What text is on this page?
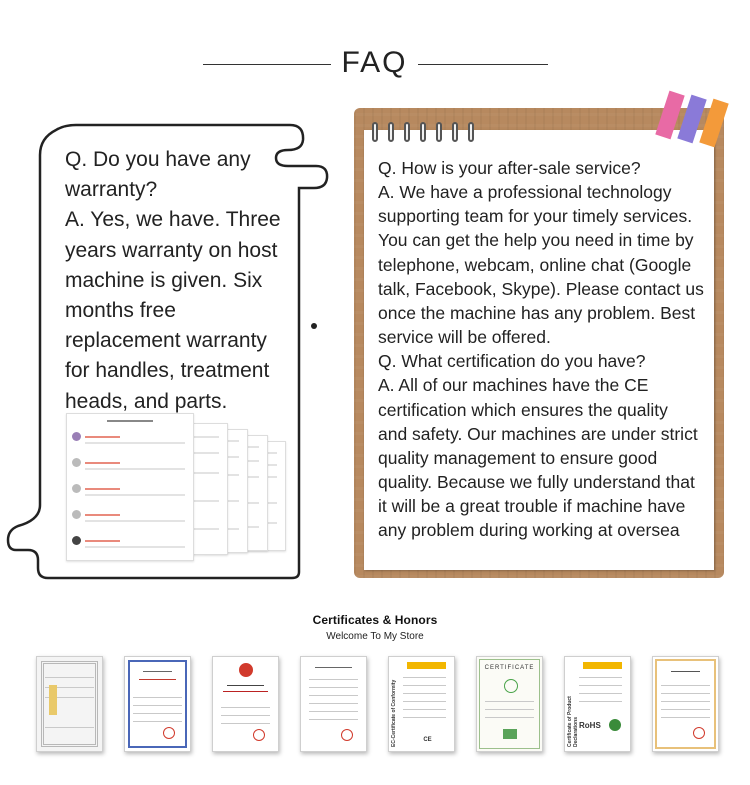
FAQ

Q. Do you have any

warranty?

A. Yes, we have. Three

years warranty on host

machine is given. Six

months free

replacement warranty

for handles, treatment

heads, and parts.

Q. How is your after-sale service?

A. We have a professional technology

supporting team for your timely services.

You can get the help you need in time by

telephone, webcam, online chat (Google

talk, Facebook, Skype). Please contact us

once the machine has any problem. Best

service will be offered.

Q. What certification do you have?

A. All of our machines have the CE

certification which ensures the quality

and safety. Our machines are under strict

quality management to ensure good

quality. Because we fully understand that

it will be a great trouble if machine have

any problem during working at oversea

Certificates & Honors
Welcome To My Store
EC-Certificate of Conformity	CE
CERTIFICATE
Certificate of Product Declarations RoHS
